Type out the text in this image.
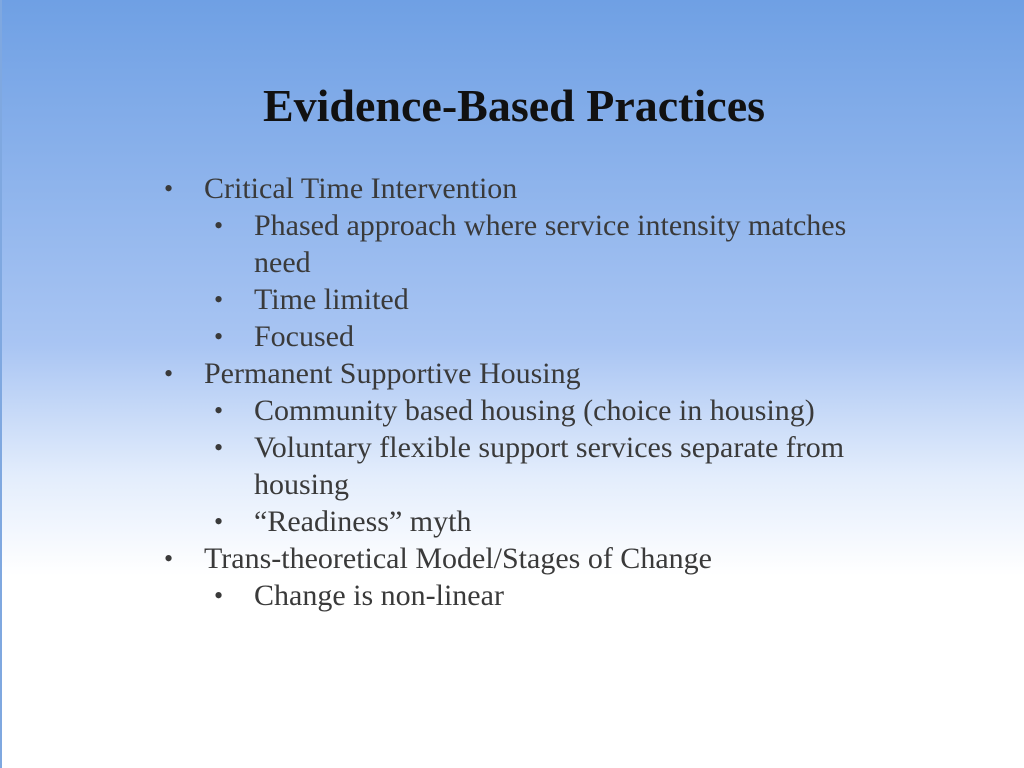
Evidence-Based Practices
• Critical Time Intervention
• Phased approach where service intensity matches need
• Time limited
• Focused
• Permanent Supportive Housing
• Community based housing (choice in housing)
• Voluntary flexible support services separate from housing
• “Readiness” myth
• Trans-theoretical Model/Stages of Change
• Change is non-linear
